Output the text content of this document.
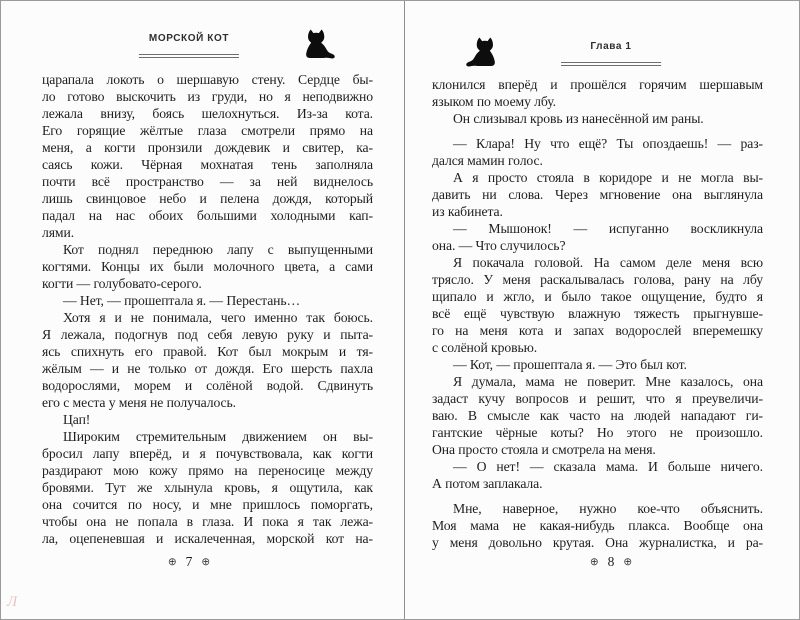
МОРСКОЙ КОТ
царапала локоть о шершавую стену. Сердце бы-
ло готово выскочить из груди, но я неподвижно
лежала внизу, боясь шелохнуться. Из-за кота.
Его горящие жёлтые глаза смотрели прямо на
меня, а когти пронзили дождевик и свитер, ка-
саясь кожи. Чёрная мохнатая тень заполняла
почти всё пространство — за ней виднелось
лишь свинцовое небо и пелена дождя, который
падал на нас обоих большими холодными кап-
лями.
Кот поднял переднюю лапу с выпущенными
когтями. Концы их были молочного цвета, а сами
когти — голубовато-серого.
— Нет, — прошептала я. — Перестань…
Хотя я и не понимала, чего именно так боюсь.
Я лежала, подогнув под себя левую руку и пыта-
ясь спихнуть его правой. Кот был мокрым и тя-
жёлым — и не только от дождя. Его шерсть пахла
водорослями, морем и солёной водой. Сдвинуть
его с места у меня не получалось.
Цап!
Широким стремительным движением он вы-
бросил лапу вперёд, и я почувствовала, как когти
раздирают мою кожу прямо на переносице между
бровями. Тут же хлынула кровь, я ощутила, как
она сочится по носу, и мне пришлось поморгать,
чтобы она не попала в глаза. И пока я так лежа-
ла, оцепеневшая и искалеченная, морской кот на-
⊕ 7 ⊕
Глава 1
клонился вперёд и прошёлся горячим шершавым
языком по моему лбу.
Он слизывал кровь из нанесённой им раны.

— Клара! Ну что ещё? Ты опоздаешь! — раз-
дался мамин голос.
А я просто стояла в коридоре и не могла вы-
давить ни слова. Через мгновение она выглянула
из кабинета.
— Мышонок! — испуганно воскликнула
она. — Что случилось?
Я покачала головой. На самом деле меня всю
трясло. У меня раскалывалась голова, рану на лбу
щипало и жгло, и было такое ощущение, будто я
всё ещё чувствую влажную тяжесть прыгнувше-
го на меня кота и запах водорослей вперемешку
с солёной кровью.
— Кот, — прошептала я. — Это был кот.
Я думала, мама не поверит. Мне казалось, она
задаст кучу вопросов и решит, что я преувеличи-
ваю. В смысле как часто на людей нападают ги-
гантские чёрные коты? Но этого не произошло.
Она просто стояла и смотрела на меня.
— О нет! — сказала мама. И больше ничего.
А потом заплакала.

Мне, наверное, нужно кое-что объяснить.
Моя мама не какая-нибудь плакса. Вообще она
у меня довольно крутая. Она журналистка, и ра-
⊕ 8 ⊕
Л
